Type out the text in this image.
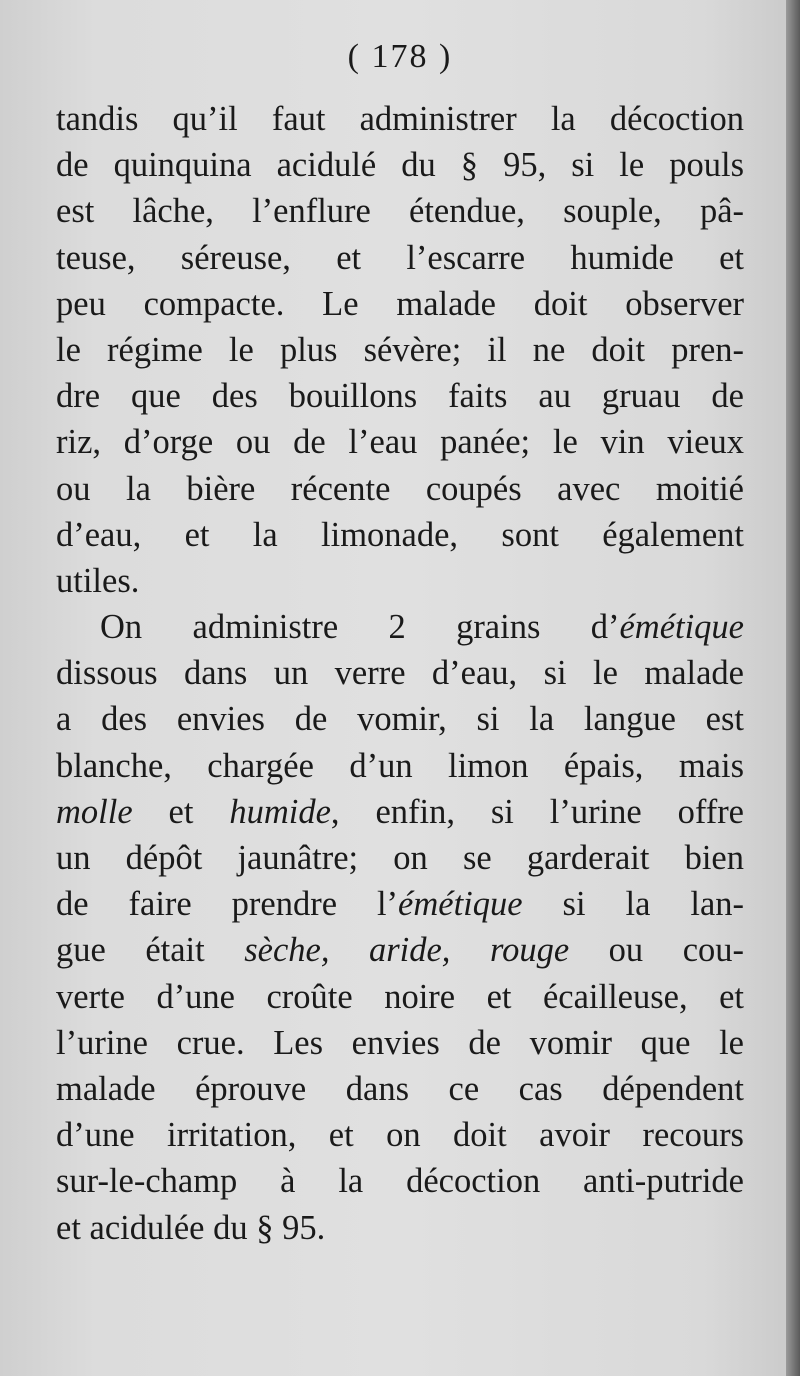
( 178 )
tandis qu’il faut administrer la décoction
de quinquina acidulé du § 95, si le pouls
est lâche, l’enflure étendue, souple, pâ-
teuse, séreuse, et l’escarre humide et
peu compacte. Le malade doit observer
le régime le plus sévère; il ne doit pren-
dre que des bouillons faits au gruau de
riz, d’orge ou de l’eau panée; le vin vieux
ou la bière récente coupés avec moitié
d’eau, et la limonade, sont également
utiles.
On administre 2 grains d’émétique
dissous dans un verre d’eau, si le malade
a des envies de vomir, si la langue est
blanche, chargée d’un limon épais, mais
molle et humide, enfin, si l’urine offre
un dépôt jaunâtre; on se garderait bien
de faire prendre l’émétique si la lan-
gue était sèche, aride, rouge ou cou-
verte d’une croûte noire et écailleuse, et
l’urine crue. Les envies de vomir que le
malade éprouve dans ce cas dépendent
d’une irritation, et on doit avoir recours
sur-le-champ à la décoction anti-putride
et acidulée du § 95.
